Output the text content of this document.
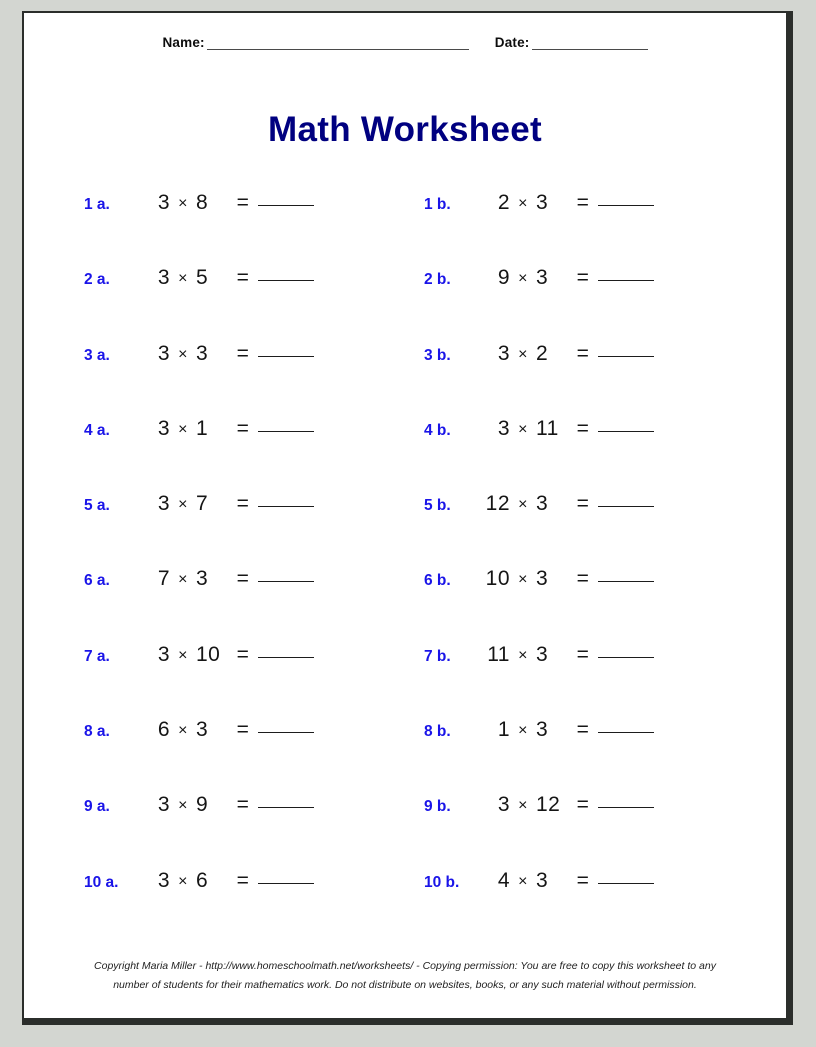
Name:	Date:
Math Worksheet
1 a. 3 × 8 =	1 b. 2 × 3 =
2 a. 3 × 5 =	2 b. 9 × 3 =
3 a. 3 × 3 =	3 b. 3 × 2 =
4 a. 3 × 1 =	4 b. 3 × 11 =
5 a. 3 × 7 =	5 b. 12 × 3 =
6 a. 7 × 3 =	6 b. 10 × 3 =
7 a. 3 × 10 =	7 b. 11 × 3 =
8 a. 6 × 3 =	8 b. 1 × 3 =
9 a. 3 × 9 =	9 b. 3 × 12 =
10 a. 3 × 6 =	10 b. 4 × 3 =
Copyright Maria Miller - http://www.homeschoolmath.net/worksheets/ - Copying permission: You are free to copy this worksheet to any
number of students for their mathematics work. Do not distribute on websites, books, or any such material without permission.
